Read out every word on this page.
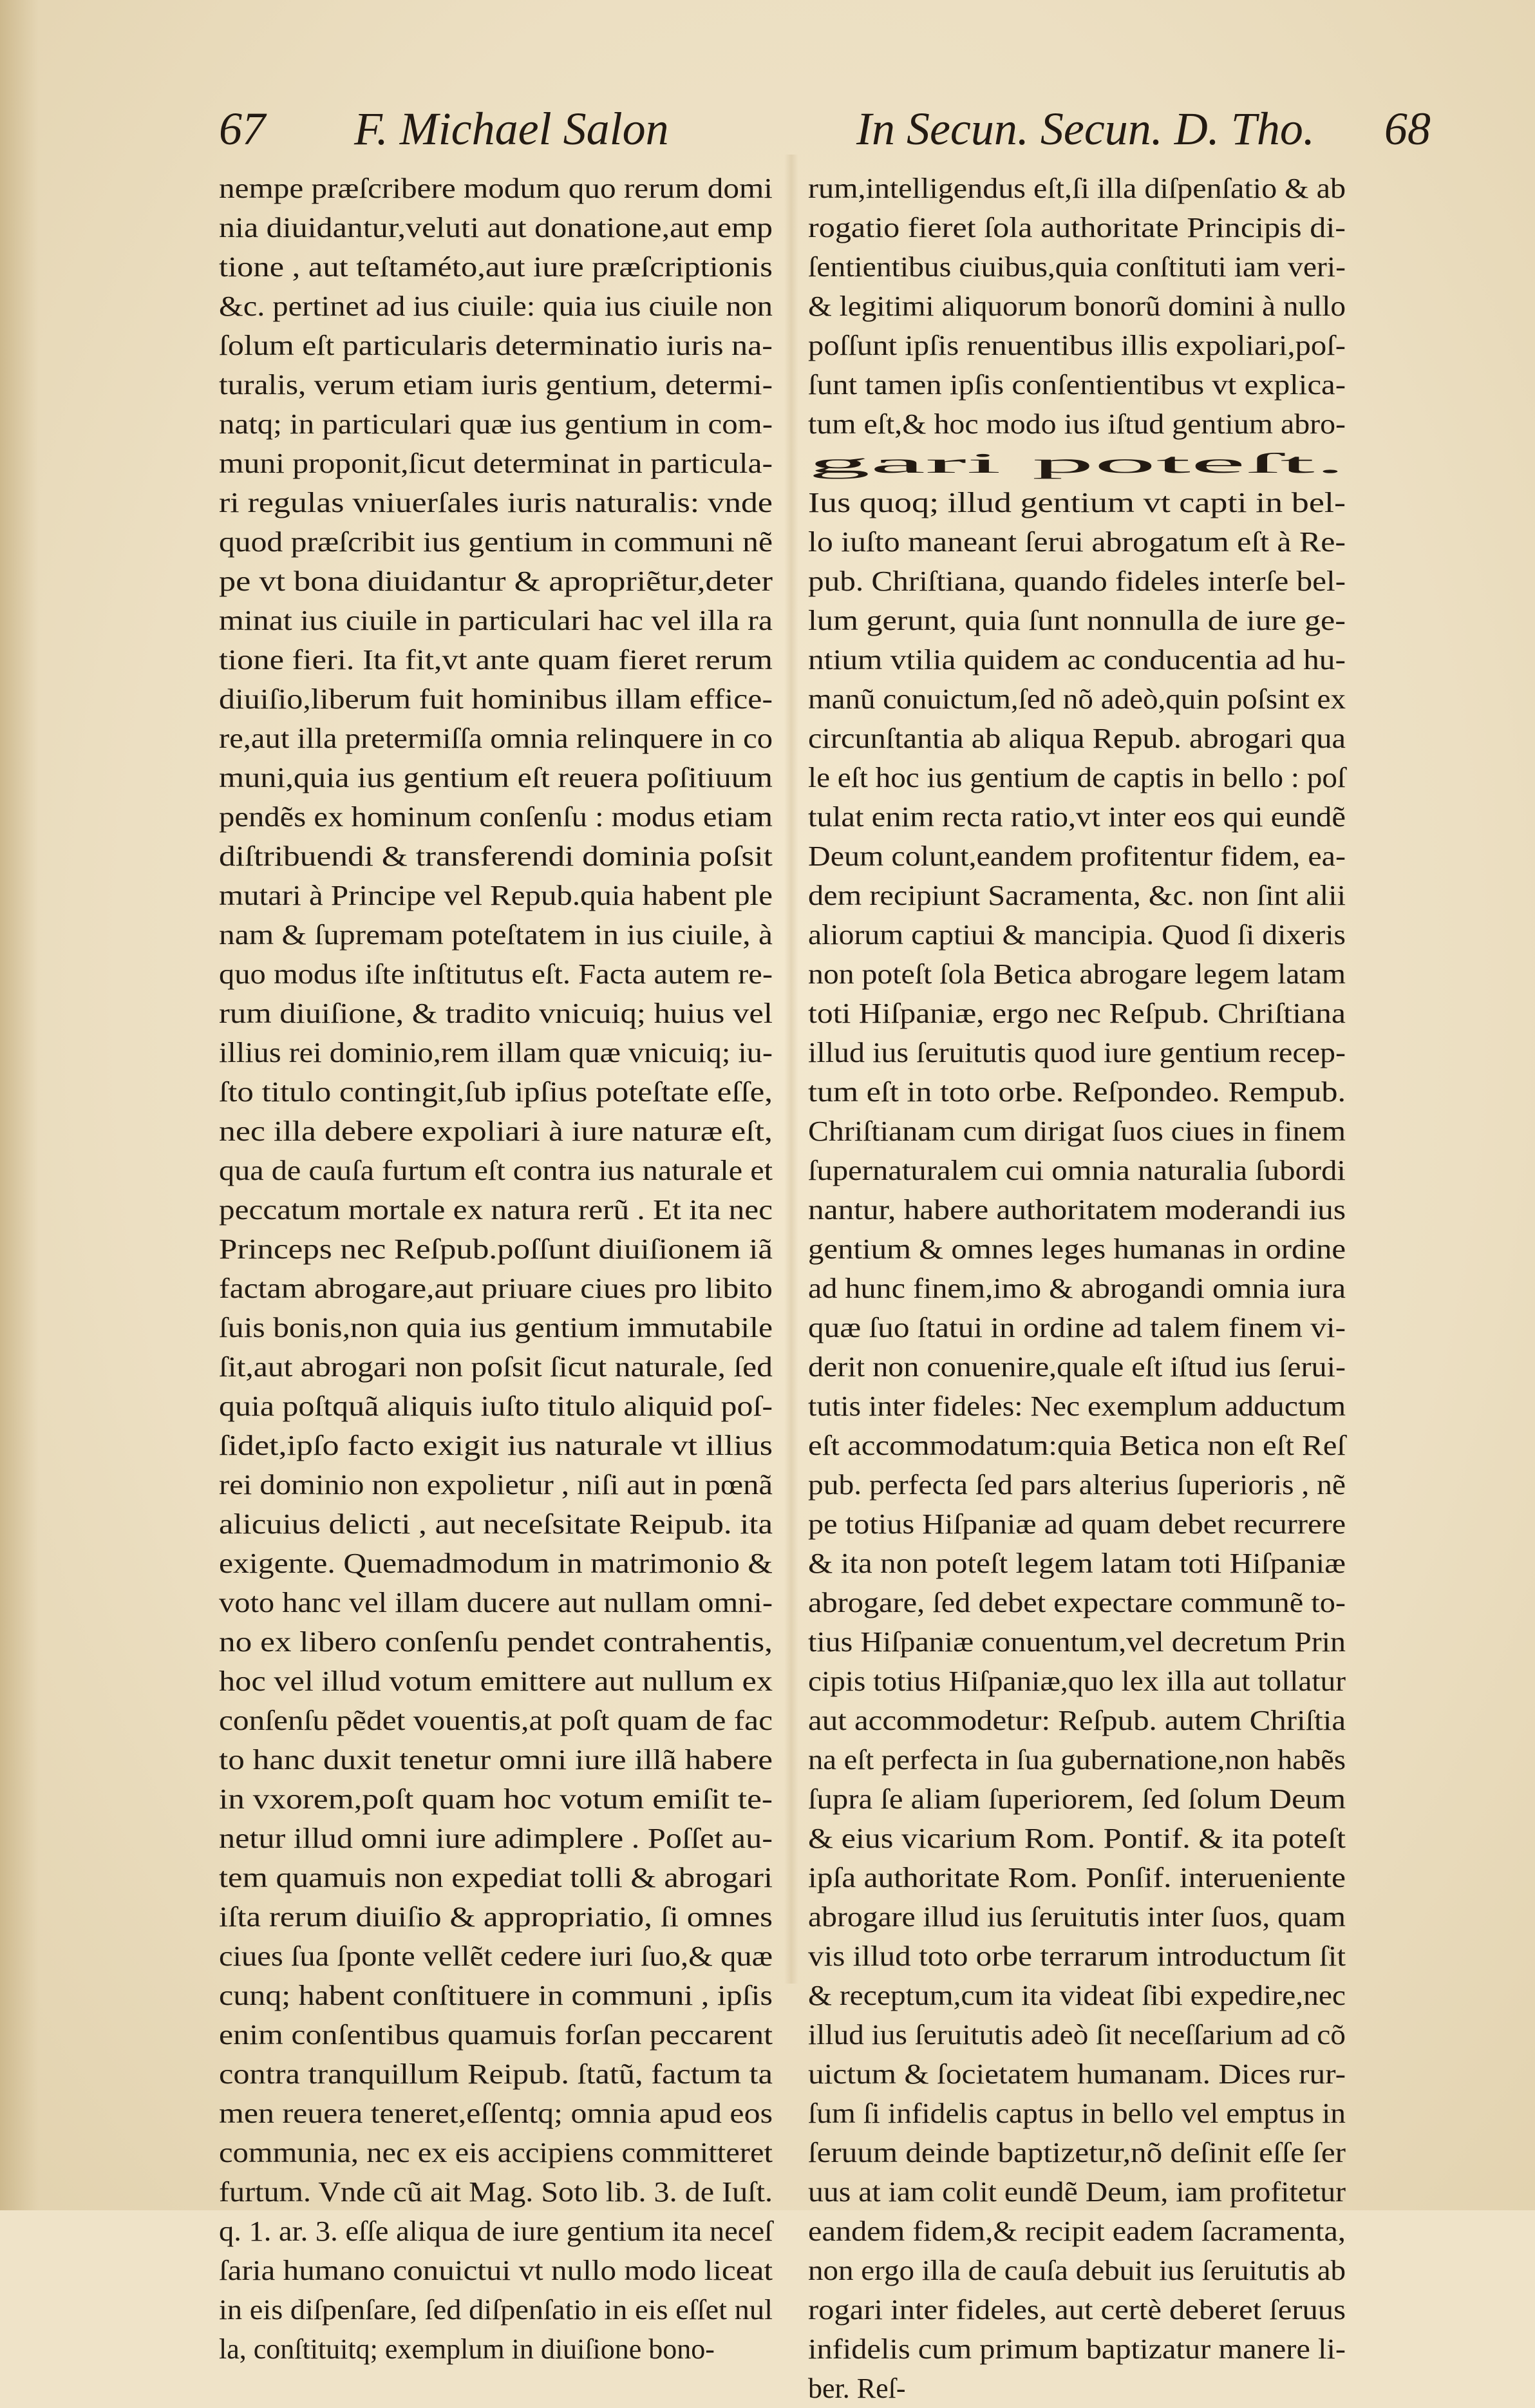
67 F. Michael Salon	In Secun. Secun. D. Tho. 68
nempe præſcribere modum quo rerum domi
nia diuidantur,veluti aut donatione,aut emp
tione , aut teſtaméto,aut iure præſcriptionis
&c. pertinet ad ius ciuile: quia ius ciuile non
ſolum eſt particularis determinatio iuris na-
turalis, verum etiam iuris gentium, determi-
natq; in particulari quæ ius gentium in com-
muni proponit,ſicut determinat in particula-
ri regulas vniuerſales iuris naturalis: vnde
quod præſcribit ius gentium in communi nẽ
pe vt bona diuidantur & apropriẽtur,deter
minat ius ciuile in particulari hac vel illa ra
tione fieri. Ita fit,vt ante quam fieret rerum
diuiſio,liberum fuit hominibus illam effice-
re,aut illa pretermiſſa omnia relinquere in co
muni,quia ius gentium eſt reuera poſitiuum
pendẽs ex hominum conſenſu : modus etiam
diſtribuendi & transferendi dominia poſsit
mutari à Principe vel Repub.quia habent ple
nam & ſupremam poteſtatem in ius ciuile, à
quo modus iſte inſtitutus eſt. Facta autem re-
rum diuiſione, & tradito vnicuiq; huius vel
illius rei dominio,rem illam quæ vnicuiq; iu-
ſto titulo contingit,ſub ipſius poteſtate eſſe,
nec illa debere expoliari à iure naturæ eſt,
qua de cauſa furtum eſt contra ius naturale et
peccatum mortale ex natura rerũ . Et ita nec
Princeps nec Reſpub.poſſunt diuiſionem iã
factam abrogare,aut priuare ciues pro libito
ſuis bonis,non quia ius gentium immutabile
ſit,aut abrogari non poſsit ſicut naturale, ſed
quia poſtquã aliquis iuſto titulo aliquid poſ-
ſidet,ipſo facto exigit ius naturale vt illius
rei dominio non expolietur , niſi aut in pœnã
alicuius delicti , aut neceſsitate Reipub. ita
exigente. Quemadmodum in matrimonio &
voto hanc vel illam ducere aut nullam omni-
no ex libero conſenſu pendet contrahentis,
hoc vel illud votum emittere aut nullum ex
conſenſu pẽdet vouentis,at poſt quam de fac
to hanc duxit tenetur omni iure illã habere
in vxorem,poſt quam hoc votum emiſit te-
netur illud omni iure adimplere . Poſſet au-
tem quamuis non expediat tolli & abrogari
iſta rerum diuiſio & appropriatio, ſi omnes
ciues ſua ſponte vellẽt cedere iuri ſuo,& quæ
cunq; habent conſtituere in communi , ipſis
enim conſentibus quamuis forſan peccarent
contra tranquillum Reipub. ſtatũ, factum ta
men reuera teneret,eſſentq; omnia apud eos
communia, nec ex eis accipiens committeret
furtum. Vnde cũ ait Mag. Soto lib. 3. de Iuſt.
q. 1. ar. 3. eſſe aliqua de iure gentium ita neceſ
ſaria humano conuictui vt nullo modo liceat
in eis diſpenſare, ſed diſpenſatio in eis eſſet nul
la, conſtituitq; exemplum in diuiſione bono-
rum,intelligendus eſt,ſi illa diſpenſatio & ab
rogatio fieret ſola authoritate Principis di-
ſentientibus ciuibus,quia conſtituti iam veri-
& legitimi aliquorum bonorũ domini à nullo
poſſunt ipſis renuentibus illis expoliari,poſ-
ſunt tamen ipſis conſentientibus vt explica-
tum eſt,& hoc modo ius iſtud gentium abro-
gari poteſt.
Ius quoq; illud gentium vt capti in bel-
lo iuſto maneant ſerui abrogatum eſt à Re-
pub. Chriſtiana, quando fideles interſe bel-
lum gerunt, quia ſunt nonnulla de iure ge-
ntium vtilia quidem ac conducentia ad hu-
manũ conuictum,ſed nõ adeò,quin poſsint ex
circunſtantia ab aliqua Repub. abrogari qua
le eſt hoc ius gentium de captis in bello : poſ
tulat enim recta ratio,vt inter eos qui eundẽ
Deum colunt,eandem profitentur fidem, ea-
dem recipiunt Sacramenta, &c. non ſint alii
aliorum captiui & mancipia. Quod ſi dixeris
non poteſt ſola Betica abrogare legem latam
toti Hiſpaniæ, ergo nec Reſpub. Chriſtiana
illud ius ſeruitutis quod iure gentium recep-
tum eſt in toto orbe. Reſpondeo. Rempub.
Chriſtianam cum dirigat ſuos ciues in finem
ſupernaturalem cui omnia naturalia ſubordi
nantur, habere authoritatem moderandi ius
gentium & omnes leges humanas in ordine
ad hunc finem,imo & abrogandi omnia iura
quæ ſuo ſtatui in ordine ad talem finem vi-
derit non conuenire,quale eſt iſtud ius ſerui-
tutis inter fideles: Nec exemplum adductum
eſt accommodatum:quia Betica non eſt Reſ
pub. perfecta ſed pars alterius ſuperioris , nẽ
pe totius Hiſpaniæ ad quam debet recurrere
& ita non poteſt legem latam toti Hiſpaniæ
abrogare, ſed debet expectare communẽ to-
tius Hiſpaniæ conuentum,vel decretum Prin
cipis totius Hiſpaniæ,quo lex illa aut tollatur
aut accommodetur: Reſpub. autem Chriſtia
na eſt perfecta in ſua gubernatione,non habẽs
ſupra ſe aliam ſuperiorem, ſed ſolum Deum
& eius vicarium Rom. Pontif. & ita poteſt
ipſa authoritate Rom. Ponſif. interueniente
abrogare illud ius ſeruitutis inter ſuos, quam
vis illud toto orbe terrarum introductum ſit
& receptum,cum ita videat ſibi expedire,nec
illud ius ſeruitutis adeò ſit neceſſarium ad cõ
uictum & ſocietatem humanam. Dices rur-
ſum ſi infidelis captus in bello vel emptus in
ſeruum deinde baptizetur,nõ deſinit eſſe ſer
uus at iam colit eundẽ Deum, iam profitetur
eandem fidem,& recipit eadem ſacramenta,
non ergo illa de cauſa debuit ius ſeruitutis ab
rogari inter fideles, aut certè deberet ſeruus
infidelis cum primum baptizatur manere li-
ber. Reſ-
